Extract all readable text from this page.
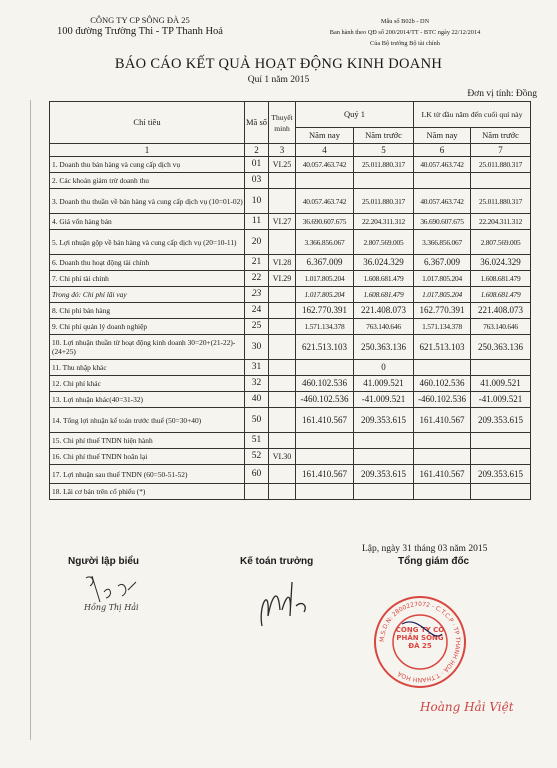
CÔNG TY CP SÔNG ĐÀ 25
100 đường Trường Thi - TP Thanh Hoá
Mẫu số B02b - DN
Ban hành theo QĐ số 200/2014/TT - BTC ngày 22/12/2014
Của Bộ trưởng Bộ tài chính
BÁO CÁO KẾT QUẢ HOẠT ĐỘNG KINH DOANH
Quí 1 năm 2015
Đơn vị tính: Đồng
Chỉ tiêu	Mã số	Thuyết minh	Quý 1		LK từ đầu năm đến cuối quí này	
			Năm nay	Năm trước	Năm nay	Năm trước
1	2	3	4	5	6	7
1. Doanh thu bán hàng và cung cấp dịch vụ	01	VI.25	40.057.463.742	25.011.880.317	40.057.463.742	25.011.880.317
2. Các khoản giảm trừ doanh thu	03					
3. Doanh thu thuần về bán hàng và cung cấp dịch vụ (10=01-02)	10		40.057.463.742	25.011.880.317	40.057.463.742	25.011.880.317
4. Giá vốn hàng bán	11	VI.27	36.690.607.675	22.204.311.312	36.690.607.675	22.204.311.312
5. Lợi nhuận gộp về bán hàng và cung cấp dịch vụ (20=10-11)	20		3.366.856.067	2.807.569.005	3.366.856.067	2.807.569.005
6. Doanh thu hoạt động tài chính	21	VI.28	6.367.009	36.024.329	6.367.009	36.024.329
7. Chi phí tài chính	22	VI.29	1.017.805.204	1.608.681.479	1.017.805.204	1.608.681.479
Trong đó: Chi phí lãi vay	23		1.017.805.204	1.608.681.479	1.017.805.204	1.608.681.479
8. Chi phí bán hàng	24		162.770.391	221.408.073	162.770.391	221.408.073
9. Chi phí quản lý doanh nghiệp	25		1.571.134.378	763.140.646	1.571.134.378	763.140.646
10. Lợi nhuận thuần từ hoạt động kinh doanh 30=20+(21-22)-(24+25)	30		621.513.103	250.363.136	621.513.103	250.363.136
11. Thu nhập khác	31			0		
12. Chi phí khác	32		460.102.536	41.009.521	460.102.536	41.009.521
13. Lợi nhuận khác(40=31-32)	40		-460.102.536	-41.009.521	-460.102.536	-41.009.521
14. Tổng lợi nhuận kế toán trước thuế (50=30+40)	50		161.410.567	209.353.615	161.410.567	209.353.615
15. Chi phí thuế TNDN hiện hành	51					
16. Chi phí thuế TNDN hoãn lại	52	VI.30				
17. Lợi nhuận sau thuế TNDN (60=50-51-52)	60		161.410.567	209.353.615	161.410.567	209.353.615
18. Lãi cơ bản trên cổ phiếu (*)						
Lập, ngày 31 tháng 03 năm 2015
Người lập biểu	Kế toán trưởng	Tổng giám đốc
Hồng Thị Hải
M.S.D.N: 2800227072 - C.T.C.P · TP THANH HOÁ · T.THANH HOÁ
CÔNG TY CỔ PHẦN SÔNG ĐÀ 25
Hoàng Hải Việt
